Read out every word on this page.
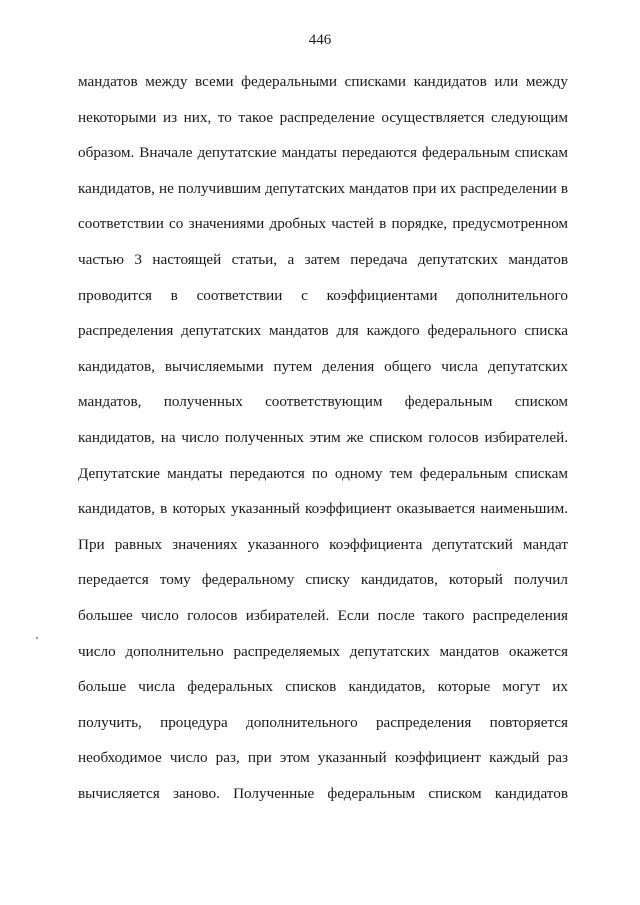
446
мандатов между всеми федеральными списками кандидатов или между
некоторыми из них, то такое распределение осуществляется следующим
образом. Вначале депутатские мандаты передаются федеральным спискам
кандидатов, не получившим депутатских мандатов при их распределении в
соответствии со значениями дробных частей в порядке, предусмотренном
частью 3 настоящей статьи, а затем передача депутатских мандатов
проводится в соответствии с коэффициентами дополнительного
распределения депутатских мандатов для каждого федерального списка
кандидатов, вычисляемыми путем деления общего числа депутатских
мандатов, полученных соответствующим федеральным списком
кандидатов, на число полученных этим же списком голосов избирателей.
Депутатские мандаты передаются по одному тем федеральным спискам
кандидатов, в которых указанный коэффициент оказывается наименьшим.
При равных значениях указанного коэффициента депутатский мандат
передается тому федеральному списку кандидатов, который получил
большее число голосов избирателей. Если после такого распределения
число дополнительно распределяемых депутатских мандатов окажется
больше числа федеральных списков кандидатов, которые могут их
получить, процедура дополнительного распределения повторяется
необходимое число раз, при этом указанный коэффициент каждый раз
вычисляется заново. Полученные федеральным списком кандидатов
